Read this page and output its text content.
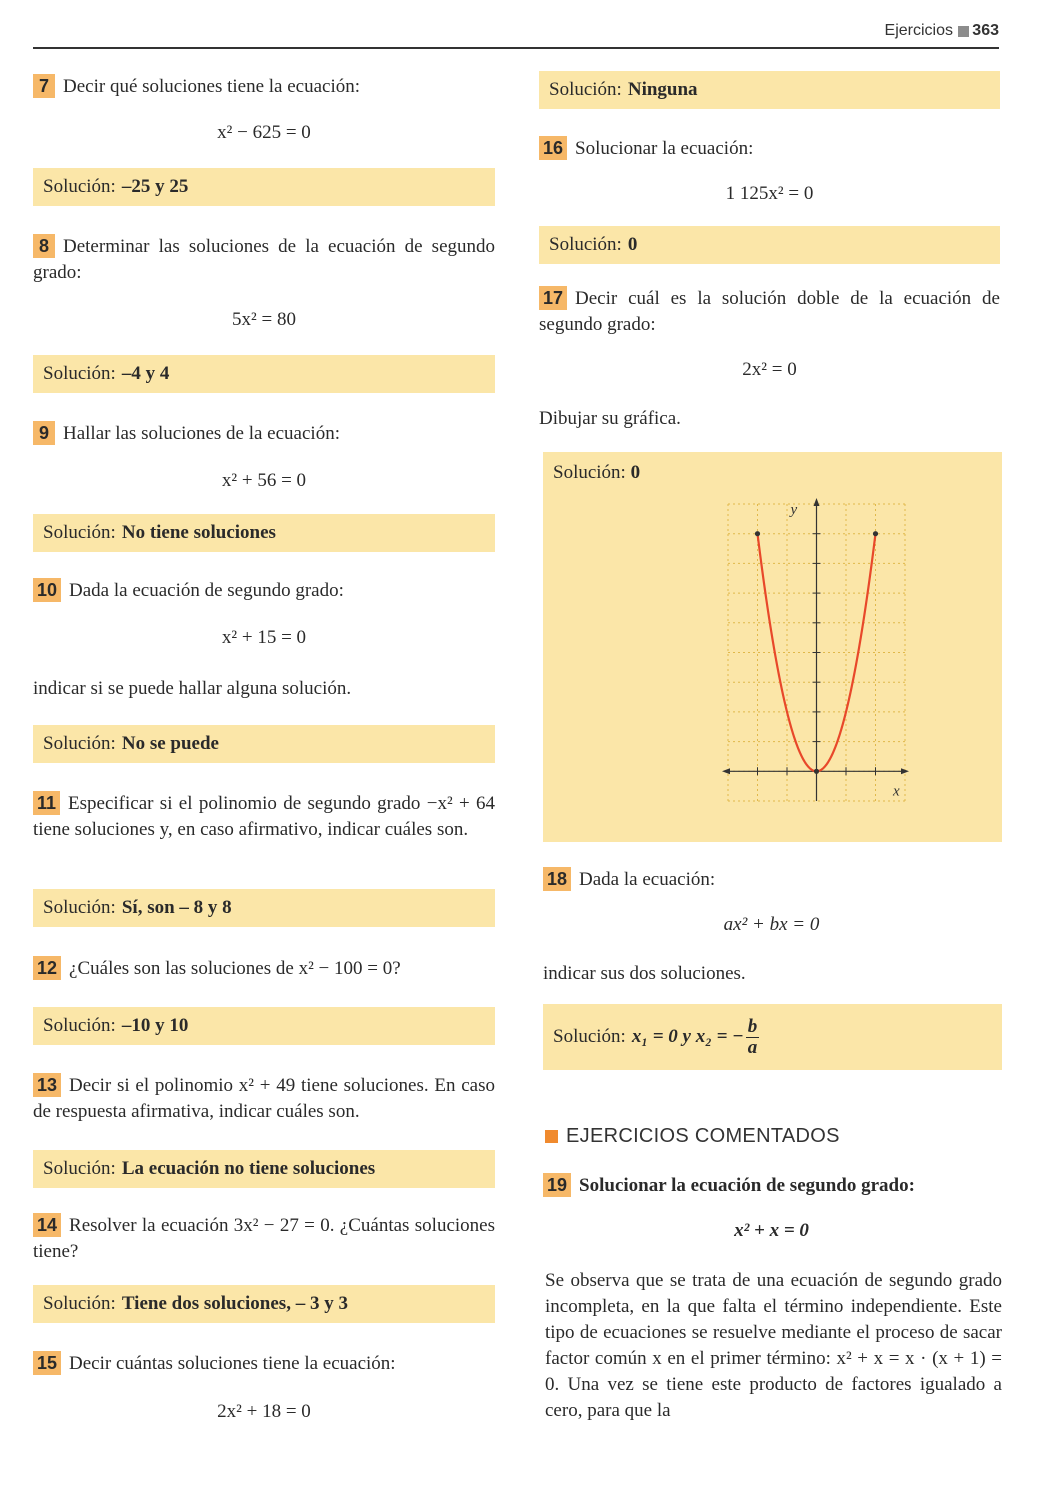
Ejercicios 363
7 Decir qué soluciones tiene la ecuación:
x² − 625 = 0
Solución: –25 y 25
8 Determinar las soluciones de la ecuación de segundo grado:
5x² = 80
Solución: –4 y 4
9 Hallar las soluciones de la ecuación:
x² + 56 = 0
Solución: No tiene soluciones
10 Dada la ecuación de segundo grado:
x² + 15 = 0
indicar si se puede hallar alguna solución.
Solución: No se puede
11 Especificar si el polinomio de segundo grado −x² + 64 tiene soluciones y, en caso afirmativo, indicar cuáles son.
Solución: Sí, son – 8 y 8
12 ¿Cuáles son las soluciones de x² − 100 = 0?
Solución: –10 y 10
13 Decir si el polinomio x² + 49 tiene soluciones. En caso de respuesta afirmativa, indicar cuáles son.
Solución: La ecuación no tiene soluciones
14 Resolver la ecuación 3x² − 27 = 0. ¿Cuántas soluciones tiene?
Solución: Tiene dos soluciones, – 3 y 3
15 Decir cuántas soluciones tiene la ecuación:
2x² + 18 = 0
Solución: Ninguna
16 Solucionar la ecuación:
1 125x² = 0
Solución: 0
17 Decir cuál es la solución doble de la ecuación de segundo grado:
2x² = 0
Dibujar su gráfica.
Solución: 0
x
y
18 Dada la ecuación:
ax² + bx = 0
indicar sus dos soluciones.
Solución: x₁ = 0 y x₂ = − $\frac{b}{a}$
EJERCICIOS COMENTADOS
19 Solucionar la ecuación de segundo grado:
x² + x = 0
Se observa que se trata de una ecuación de segundo grado incompleta, en la que falta el término independiente. Este tipo de ecuaciones se resuelve mediante el proceso de sacar factor común x en el primer término: x² + x = x · (x + 1) = 0. Una vez se tiene este producto de factores igualado a cero, para que la
